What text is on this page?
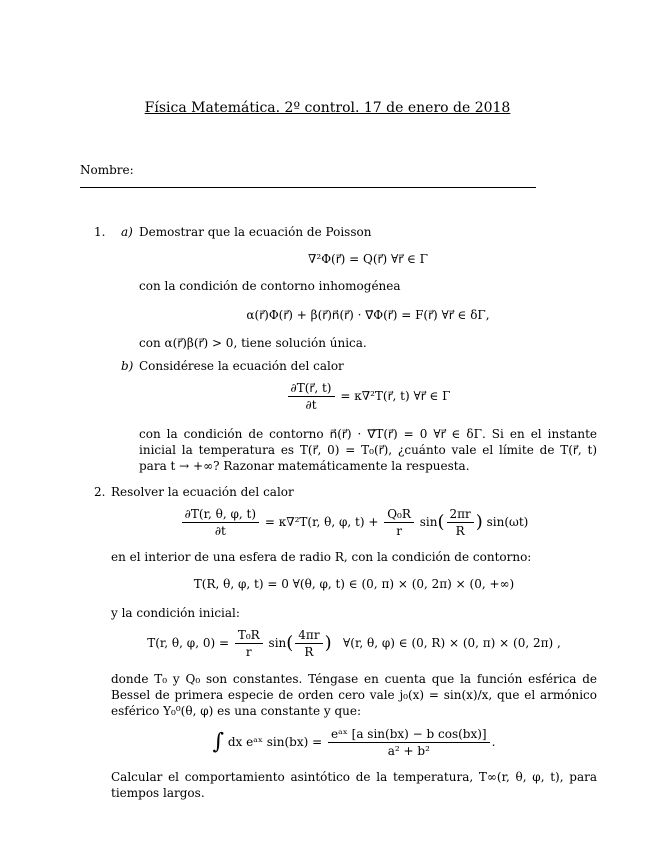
Física Matemática. 2º control. 17 de enero de 2018
Nombre:
1. a) Demostrar que la ecuación de Poisson
∇²Φ(r⃗) = Q(r⃗) ∀r⃗ ∈ Γ
con la condición de contorno inhomogénea
α(r⃗)Φ(r⃗) + β(r⃗)n⃗(r⃗) · ∇⃗Φ(r⃗) = F(r⃗) ∀r⃗ ∈ δΓ,
con α(r⃗)β(r⃗) > 0, tiene solución única.
b) Considérese la ecuación del calor
$\frac{\partial T(r⃗, t)}{\partial t}$ = κ∇²T(r⃗, t) ∀r⃗ ∈ Γ
con la condición de contorno n⃗(r⃗) · ∇⃗T(r⃗) = 0 ∀r⃗ ∈ δΓ. Si en el instante inicial la temperatura es T(r⃗, 0) = T₀(r⃗), ¿cuánto vale el límite de T(r⃗, t) para t → +∞? Razonar matemáticamente la respuesta.
2. Resolver la ecuación del calor
$\frac{\partial T(r, \theta, \varphi, t)}{\partial t} = \kappa\nabla^2T(r$, θ, φ, $t) + \frac{\text{Q₀R}}{r} \sin( \frac{2\pi r}{R}$ ) sin(ωt)
en el interior de una esfera de radio R, con la condición de contorno:
T(R, θ, φ, t) = 0 ∀(θ, φ, t) ∈ (0, π) × (0, 2π) × (0, +∞)
y la condición inicial:
T(r, θ, φ, $0) = \frac{\text{T₀R}}{r} \sin( \frac{4\pi r}{R}$ ) ∀(r, θ, φ) ∈ (0, R) × (0, π) × (0, 2π) ,
donde T₀ y Q₀ son constantes. Téngase en cuenta que la función esférica de Bessel de primera especie de orden cero vale j₀(x) = sin(x)/x, que el armónico esférico Y₀⁰(θ, φ) es una constante y que:
∫ dx eᵃˣ $\sin(bx) = \frac{\text{eᵃˣ [a sin(bx) − b cos(bx)]}}{\text{a² + b²}}$ .
Calcular el comportamiento asintótico de la temperatura, T∞(r, θ, φ, t), para tiempos largos.
